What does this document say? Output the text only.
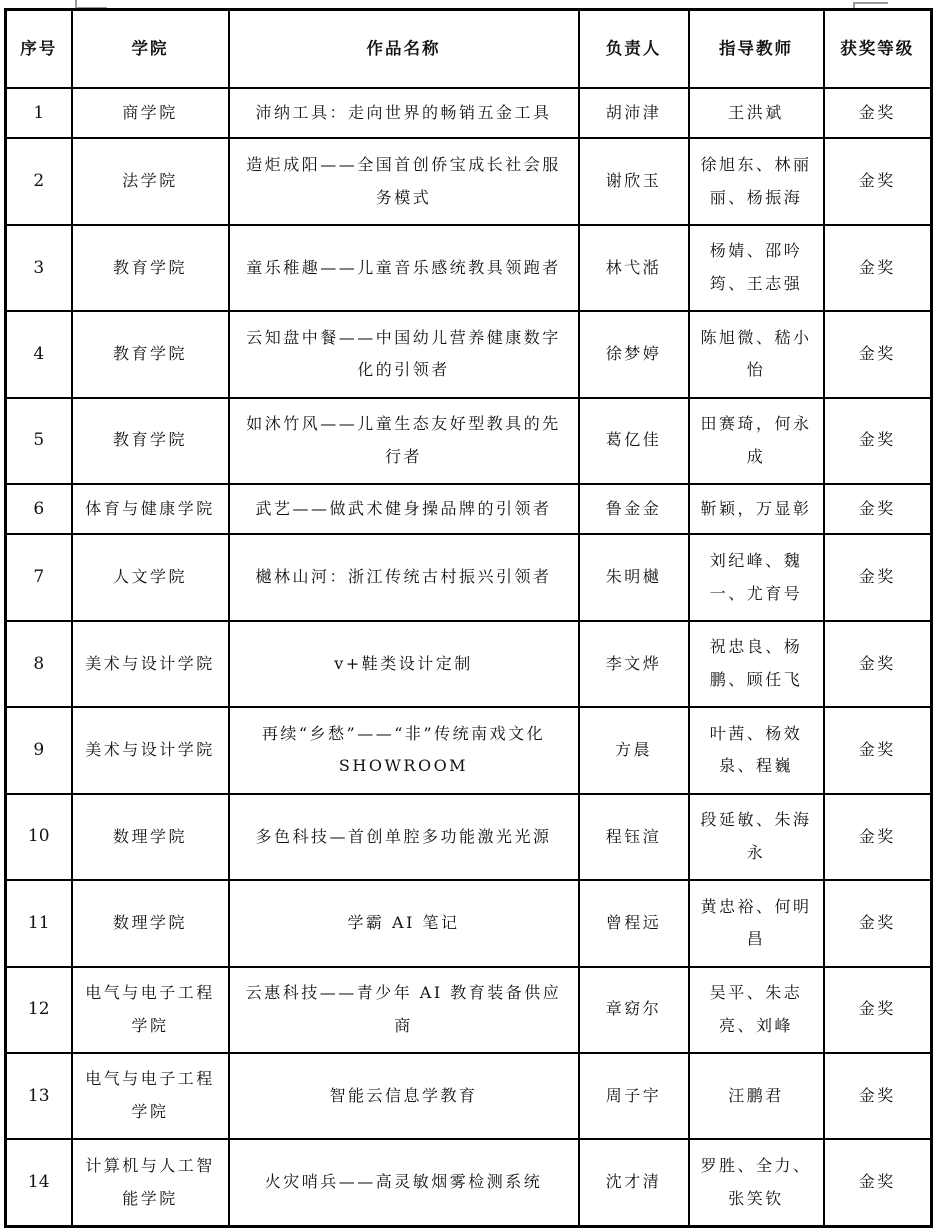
序号	学院	作品名称	负责人	指导教师	获奖等级
1	商学院	沛纳工具：走向世界的畅销五金工具	胡沛津	王洪斌	金奖
2	法学院	造炬成阳——全国首创侨宝成长社会服务模式	谢欣玉	徐旭东、林丽丽、杨振海	金奖
3	教育学院	童乐稚趣——儿童音乐感统教具领跑者	林弋湉	杨婧、邵吟筠、王志强	金奖
4	教育学院	云知盘中餐——中国幼儿营养健康数字化的引领者	徐梦婷	陈旭微、嵇小怡	金奖
5	教育学院	如沐竹风——儿童生态友好型教具的先行者	葛亿佳	田赛琦，何永成	金奖
6	体育与健康学院	武艺——做武术健身操品牌的引领者	鲁金金	靳颖，万显彰	金奖
7	人文学院	樾林山河：浙江传统古村振兴引领者	朱明樾	刘纪峰、魏一、尤育号	金奖
8	美术与设计学院	v+鞋类设计定制	李文烨	祝忠良、杨鹏、顾任飞	金奖
9	美术与设计学院	再续“乡愁”——“非”传统南戏文化 SHOWROOM	方晨	叶茜、杨效泉、程巍	金奖
10	数理学院	多色科技—首创单腔多功能激光光源	程钰渲	段延敏、朱海永	金奖
11	数理学院	学霸 AI 笔记	曾程远	黄忠裕、何明昌	金奖
12	电气与电子工程学院	云惠科技——青少年 AI 教育装备供应商	章窈尔	吴平、朱志亮、刘峰	金奖
13	电气与电子工程学院	智能云信息学教育	周子宇	汪鹏君	金奖
14	计算机与人工智能学院	火灾哨兵——高灵敏烟雾检测系统	沈才清	罗胜、全力、张笑钦	金奖
